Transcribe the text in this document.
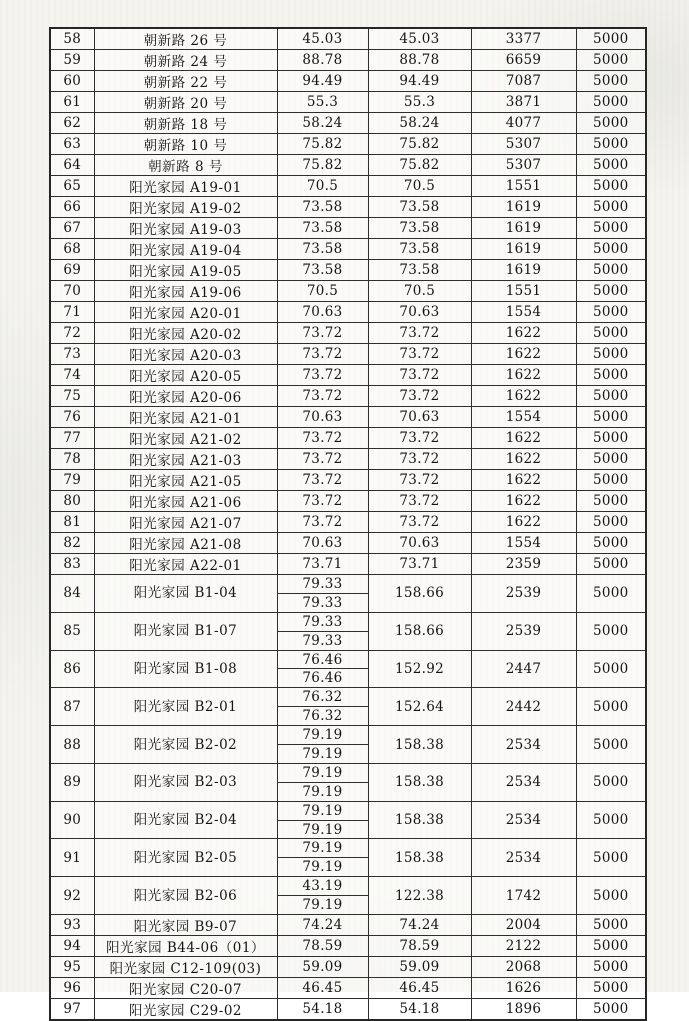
58	朝新路 26 号	45.03	45.03	3377	5000
59	朝新路 24 号	88.78	88.78	6659	5000
60	朝新路 22 号	94.49	94.49	7087	5000
61	朝新路 20 号	55.3	55.3	3871	5000
62	朝新路 18 号	58.24	58.24	4077	5000
63	朝新路 10 号	75.82	75.82	5307	5000
64	朝新路 8 号	75.82	75.82	5307	5000
65	阳光家园 A19-01	70.5	70.5	1551	5000
66	阳光家园 A19-02	73.58	73.58	1619	5000
67	阳光家园 A19-03	73.58	73.58	1619	5000
68	阳光家园 A19-04	73.58	73.58	1619	5000
69	阳光家园 A19-05	73.58	73.58	1619	5000
70	阳光家园 A19-06	70.5	70.5	1551	5000
71	阳光家园 A20-01	70.63	70.63	1554	5000
72	阳光家园 A20-02	73.72	73.72	1622	5000
73	阳光家园 A20-03	73.72	73.72	1622	5000
74	阳光家园 A20-05	73.72	73.72	1622	5000
75	阳光家园 A20-06	73.72	73.72	1622	5000
76	阳光家园 A21-01	70.63	70.63	1554	5000
77	阳光家园 A21-02	73.72	73.72	1622	5000
78	阳光家园 A21-03	73.72	73.72	1622	5000
79	阳光家园 A21-05	73.72	73.72	1622	5000
80	阳光家园 A21-06	73.72	73.72	1622	5000
81	阳光家园 A21-07	73.72	73.72	1622	5000
82	阳光家园 A21-08	70.63	70.63	1554	5000
83	阳光家园 A22-01	73.71	73.71	2359	5000
84	阳光家园 B1-04	79.33	158.66	2539	5000
		79.33			
85	阳光家园 B1-07	79.33	158.66	2539	5000
		79.33			
86	阳光家园 B1-08	76.46	152.92	2447	5000
		76.46			
87	阳光家园 B2-01	76.32	152.64	2442	5000
		76.32			
88	阳光家园 B2-02	79.19	158.38	2534	5000
		79.19			
89	阳光家园 B2-03	79.19	158.38	2534	5000
		79.19			
90	阳光家园 B2-04	79.19	158.38	2534	5000
		79.19			
91	阳光家园 B2-05	79.19	158.38	2534	5000
		79.19			
92	阳光家园 B2-06	43.19	122.38	1742	5000
		79.19			
93	阳光家园 B9-07	74.24	74.24	2004	5000
94	阳光家园 B44-06（01）	78.59	78.59	2122	5000
95	阳光家园 C12-109(03)	59.09	59.09	2068	5000
96	阳光家园 C20-07	46.45	46.45	1626	5000
97	阳光家园 C29-02	54.18	54.18	1896	5000
